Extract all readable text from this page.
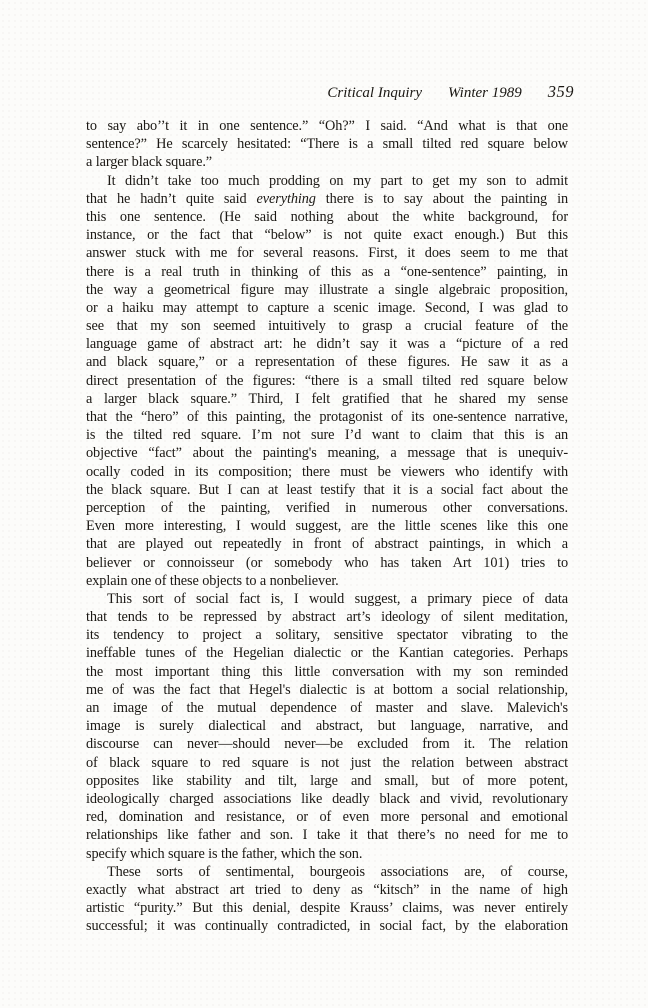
Critical Inquiry Winter 1989 359
to say abo’’t it in one sentence.” “Oh?” I said. “And what is that one
sentence?” He scarcely hesitated: “There is a small tilted red square below
a larger black square.”
It didn’t take too much prodding on my part to get my son to admit
that he hadn’t quite said everything there is to say about the painting in
this one sentence. (He said nothing about the white background, for
instance, or the fact that “below” is not quite exact enough.) But this
answer stuck with me for several reasons. First, it does seem to me that
there is a real truth in thinking of this as a “one-sentence” painting, in
the way a geometrical figure may illustrate a single algebraic proposition,
or a haiku may attempt to capture a scenic image. Second, I was glad to
see that my son seemed intuitively to grasp a crucial feature of the
language game of abstract art: he didn’t say it was a “picture of a red
and black square,” or a representation of these figures. He saw it as a
direct presentation of the figures: “there is a small tilted red square below
a larger black square.” Third, I felt gratified that he shared my sense
that the “hero” of this painting, the protagonist of its one-sentence narrative,
is the tilted red square. I’m not sure I’d want to claim that this is an
objective “fact” about the painting's meaning, a message that is unequiv-
ocally coded in its composition; there must be viewers who identify with
the black square. But I can at least testify that it is a social fact about the
perception of the painting, verified in numerous other conversations.
Even more interesting, I would suggest, are the little scenes like this one
that are played out repeatedly in front of abstract paintings, in which a
believer or connoisseur (or somebody who has taken Art 101) tries to
explain one of these objects to a nonbeliever.
This sort of social fact is, I would suggest, a primary piece of data
that tends to be repressed by abstract art’s ideology of silent meditation,
its tendency to project a solitary, sensitive spectator vibrating to the
ineffable tunes of the Hegelian dialectic or the Kantian categories. Perhaps
the most important thing this little conversation with my son reminded
me of was the fact that Hegel's dialectic is at bottom a social relationship,
an image of the mutual dependence of master and slave. Malevich's
image is surely dialectical and abstract, but language, narrative, and
discourse can never—should never—be excluded from it. The relation
of black square to red square is not just the relation between abstract
opposites like stability and tilt, large and small, but of more potent,
ideologically charged associations like deadly black and vivid, revolutionary
red, domination and resistance, or of even more personal and emotional
relationships like father and son. I take it that there’s no need for me to
specify which square is the father, which the son.
These sorts of sentimental, bourgeois associations are, of course,
exactly what abstract art tried to deny as “kitsch” in the name of high
artistic “purity.” But this denial, despite Krauss’ claims, was never entirely
successful; it was continually contradicted, in social fact, by the elaboration
